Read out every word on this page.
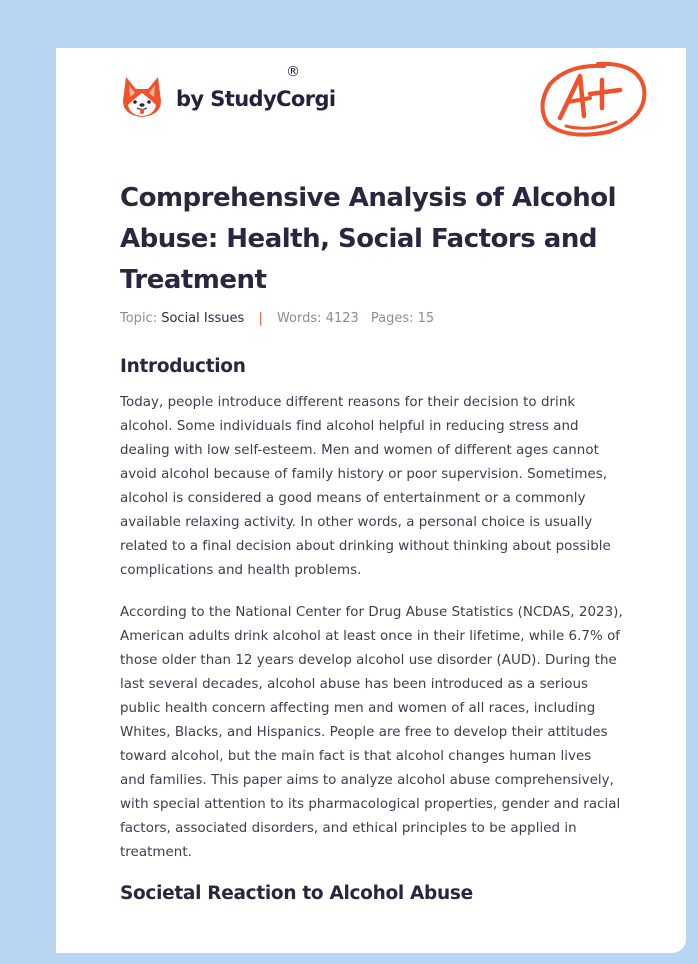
by StudyCorgi
®
Comprehensive Analysis of Alcohol
Abuse: Health, Social Factors and
Treatment
Topic: Social Issues | Words: 4123 Pages: 15
Introduction

Today, people introduce different reasons for their decision to drink
alcohol. Some individuals find alcohol helpful in reducing stress and
dealing with low self-esteem. Men and women of different ages cannot
avoid alcohol because of family history or poor supervision. Sometimes,
alcohol is considered a good means of entertainment or a commonly
available relaxing activity. In other words, a personal choice is usually
related to a final decision about drinking without thinking about possible
complications and health problems.

According to the National Center for Drug Abuse Statistics (NCDAS, 2023),
American adults drink alcohol at least once in their lifetime, while 6.7% of
those older than 12 years develop alcohol use disorder (AUD). During the
last several decades, alcohol abuse has been introduced as a serious
public health concern affecting men and women of all races, including
Whites, Blacks, and Hispanics. People are free to develop their attitudes
toward alcohol, but the main fact is that alcohol changes human lives
and families. This paper aims to analyze alcohol abuse comprehensively,
with special attention to its pharmacological properties, gender and racial
factors, associated disorders, and ethical principles to be applied in
treatment.

Societal Reaction to Alcohol Abuse
